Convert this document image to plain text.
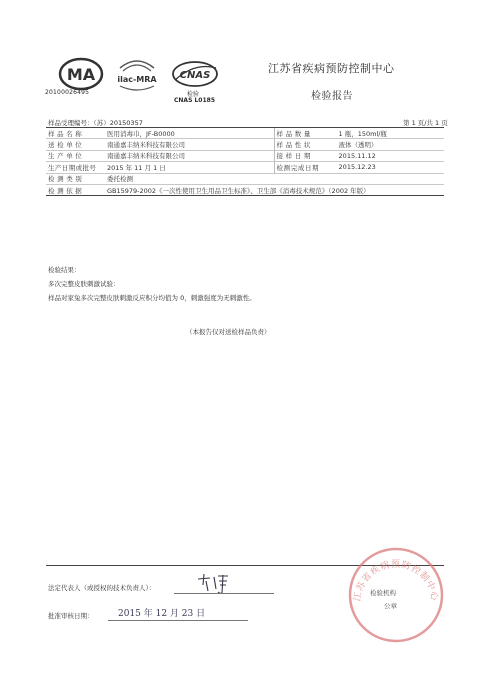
MA
20100026495
ilac-MRA CNAS
检验
CNAS L0185
江苏省疾病预防控制中心
检验报告
样品受理编号：（苏）20150357	第 1 页/共 1 页
样品名称	医用消毒巾，JF-B0000	样品数量	1 瓶，150ml/瓶
送检单位	南通嘉丰纳米科技有限公司	样品性状	液体（透明）
生产单位	南通嘉丰纳米科技有限公司	接样日期	2015.11.12
生产日期或批号	2015 年 11 月 1 日	检测完成日期	2015.12.23
检测类别	委托检测		
检测依据	GB15979-2002《一次性使用卫生用品卫生标准》、卫生部《消毒技术规范》（2002 年版）		
检验结果：
多次完整皮肤刺激试验：
样品对家兔多次完整皮肤刺激反应积分均值为 0，刺激强度为无刺激性。
（本报告仅对送检样品负责）
法定代表人（或授权的技术负责人）：
批准审核日期：	2015 年 12 月 23 日
江苏省疾病预防控制中心
检验机构
公章
